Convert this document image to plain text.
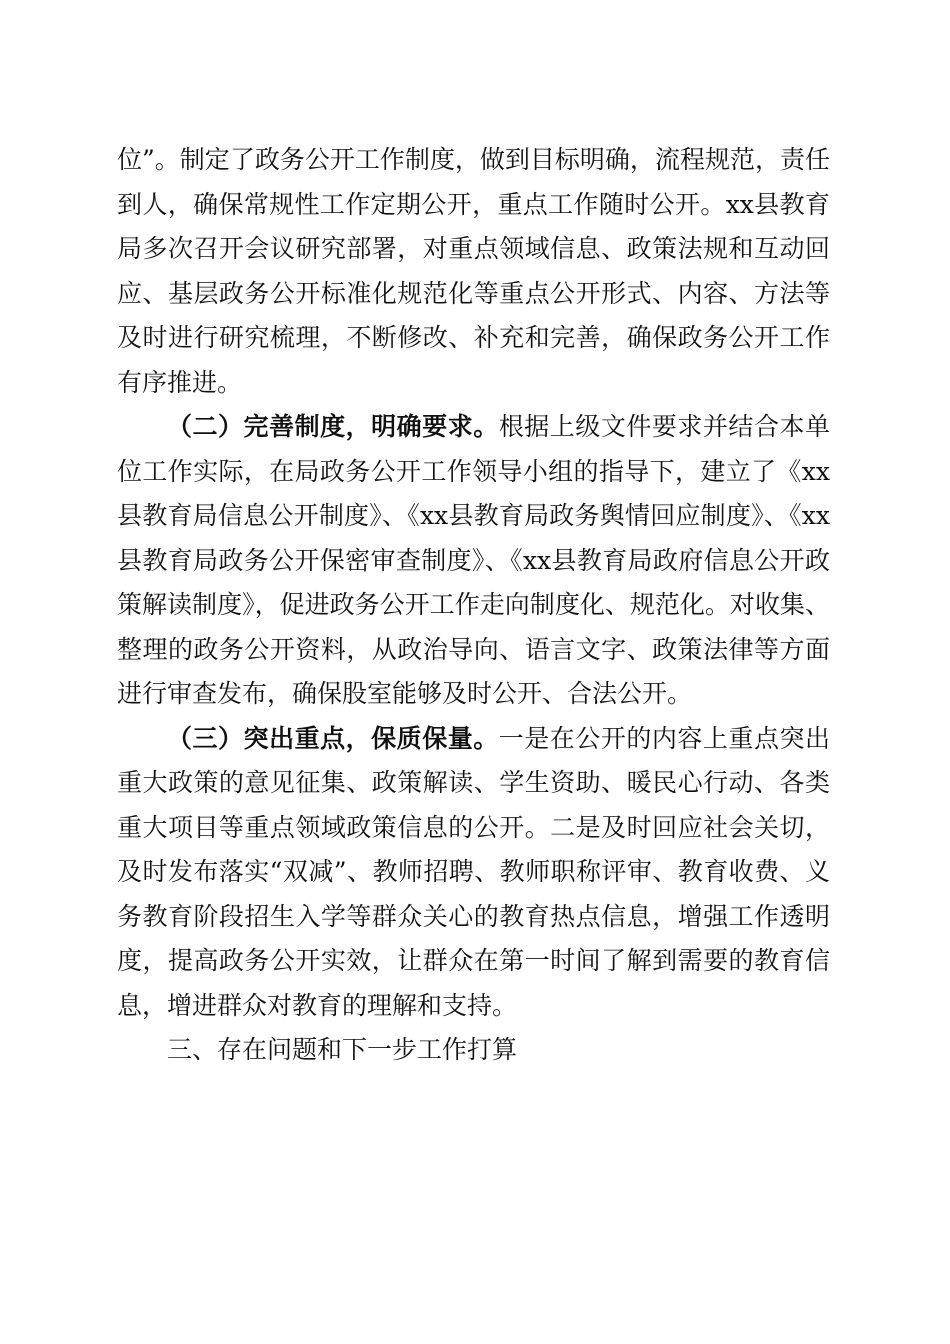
位”。制定了政务公开工作制度，做到目标明确，流程规范，责任到人，确保常规性工作定期公开，重点工作随时公开。xx县教育局多次召开会议研究部署，对重点领域信息、政策法规和互动回应、基层政务公开标准化规范化等重点公开形式、内容、方法等及时进行研究梳理，不断修改、补充和完善，确保政务公开工作有序推进。

（二）完善制度，明确要求。根据上级文件要求并结合本单位工作实际，在局政务公开工作领导小组的指导下，建立了《xx县教育局信息公开制度》、《xx县教育局政务舆情回应制度》、《xx县教育局政务公开保密审查制度》、《xx县教育局政府信息公开政策解读制度》，促进政务公开工作走向制度化、规范化。对收集、整理的政务公开资料，从政治导向、语言文字、政策法律等方面进行审查发布，确保股室能够及时公开、合法公开。

（三）突出重点，保质保量。一是在公开的内容上重点突出重大政策的意见征集、政策解读、学生资助、暖民心行动、各类重大项目等重点领域政策信息的公开。二是及时回应社会关切，及时发布落实“双减”、教师招聘、教师职称评审、教育收费、义务教育阶段招生入学等群众关心的教育热点信息，增强工作透明度，提高政务公开实效，让群众在第一时间了解到需要的教育信息，增进群众对教育的理解和支持。

三、存在问题和下一步工作打算
